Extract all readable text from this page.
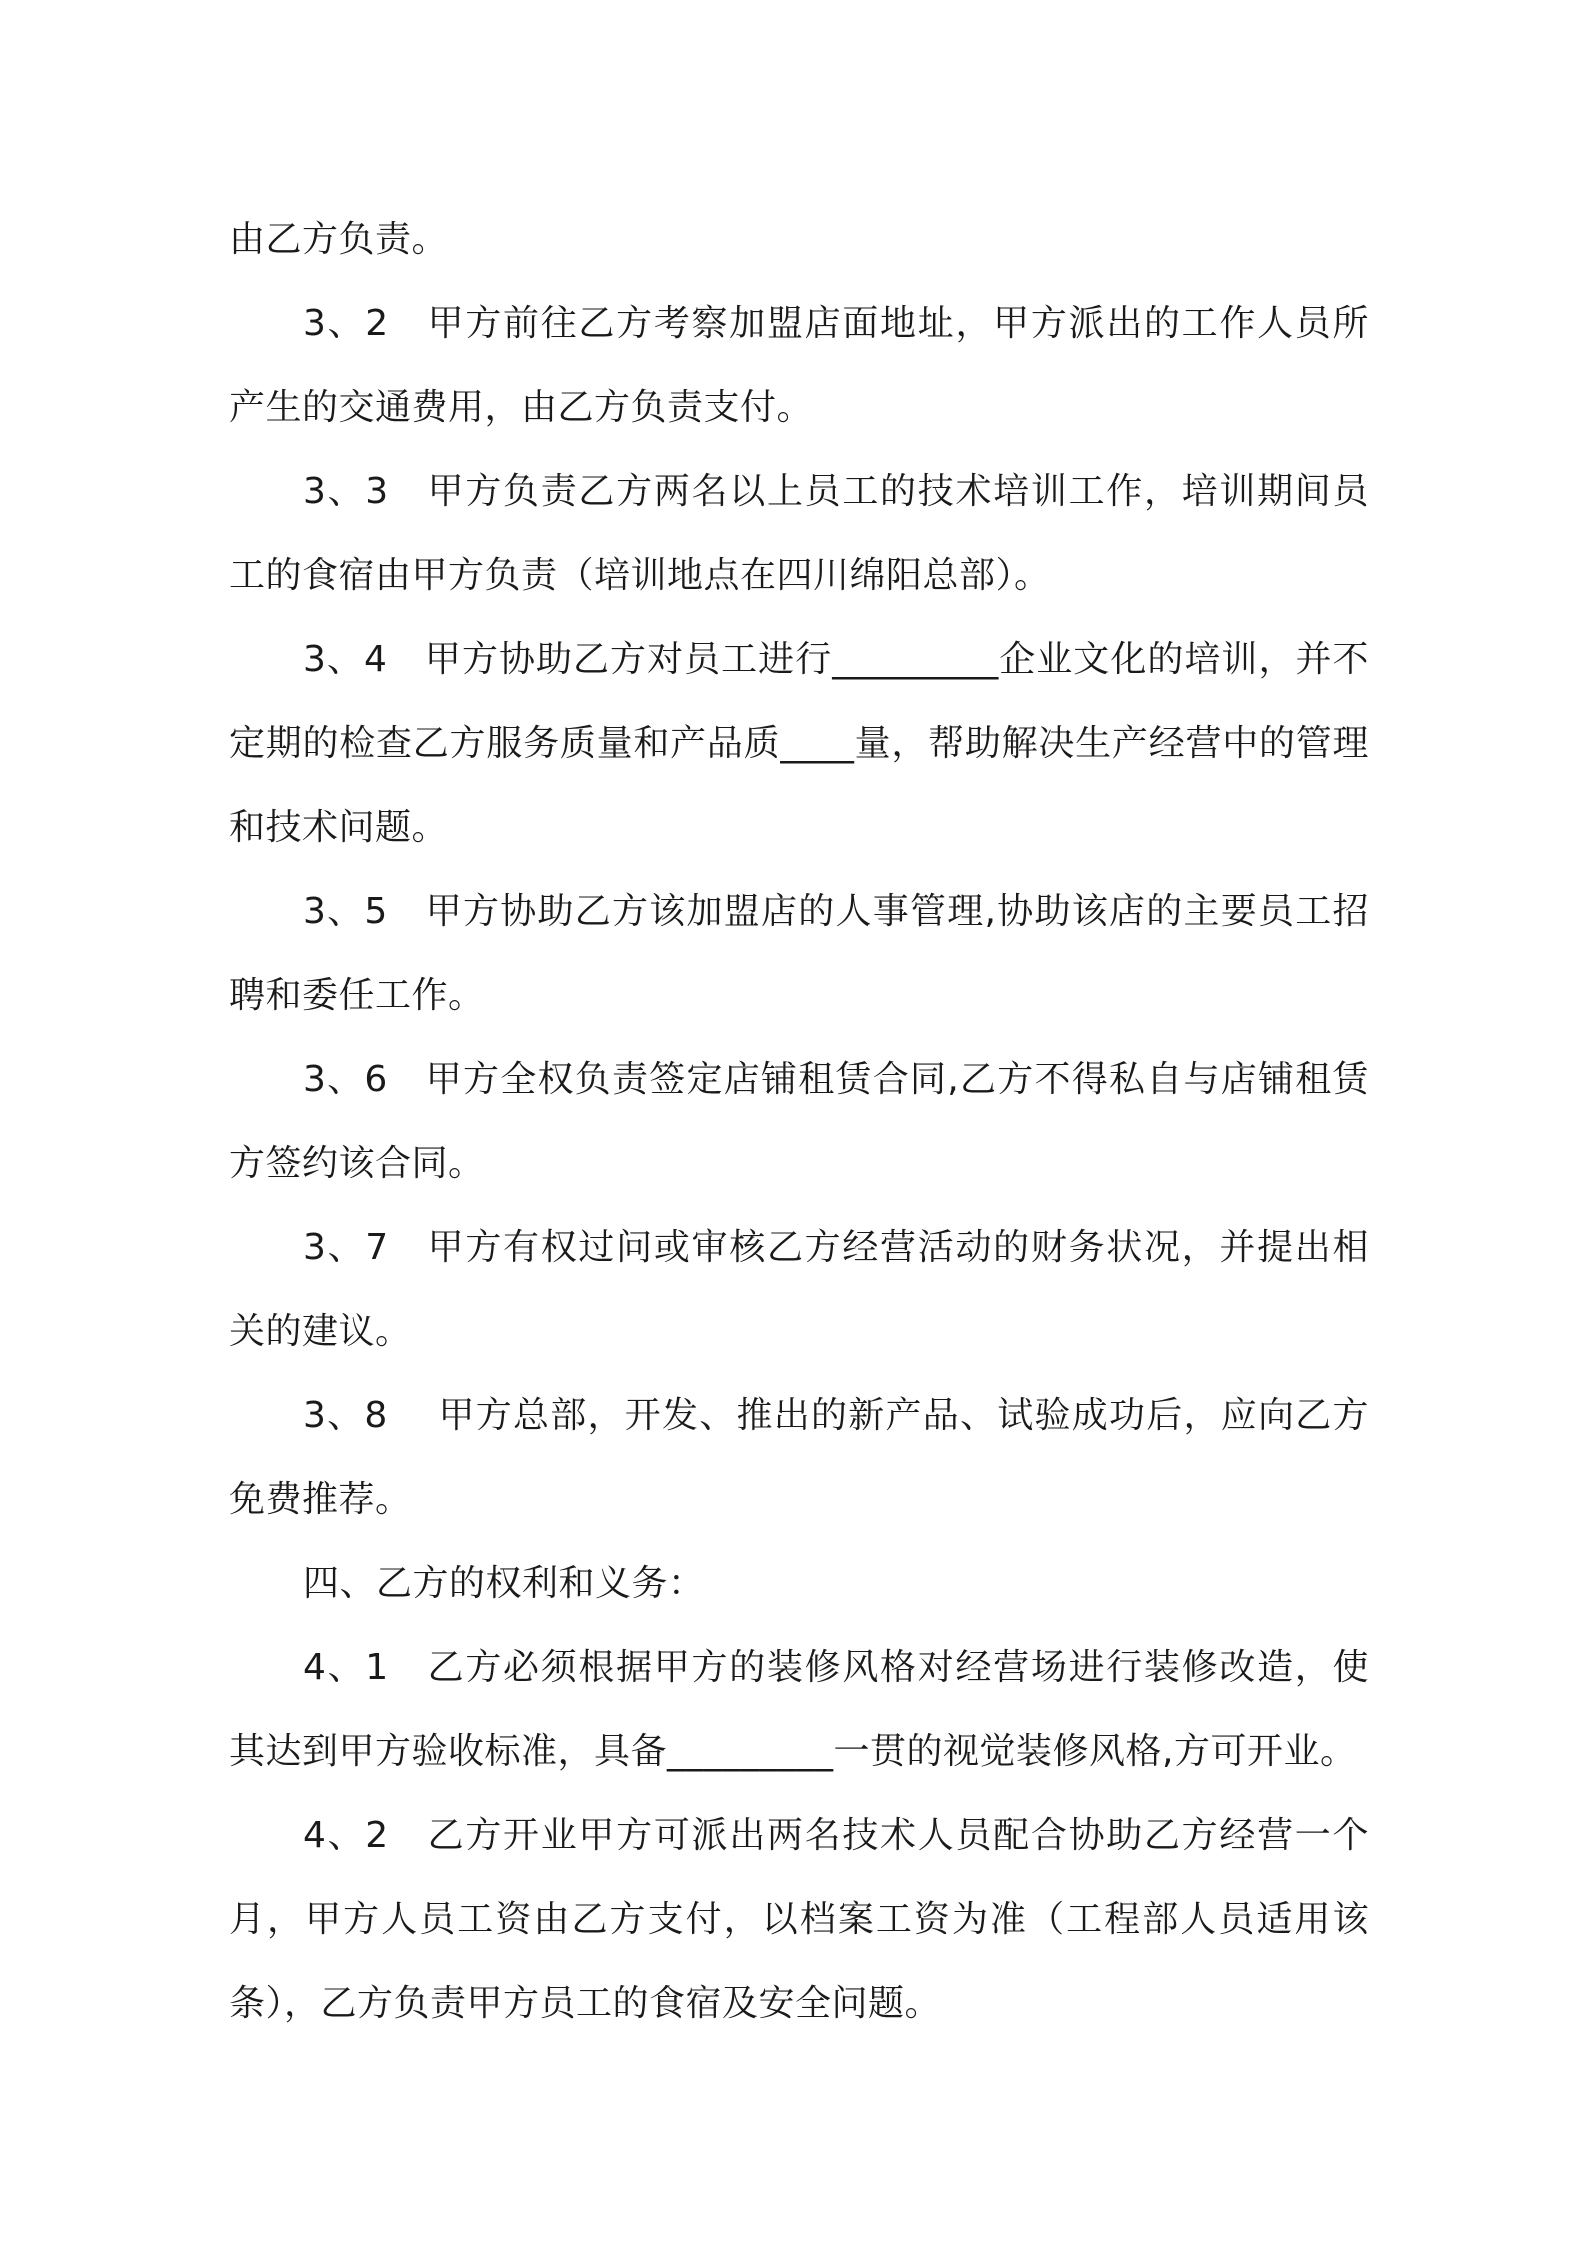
由乙方负责。

3、2　甲方前往乙方考察加盟店面地址，甲方派出的工作人员所产生的交通费用，由乙方负责支付。

3、3　甲方负责乙方两名以上员工的技术培训工作，培训期间员工的食宿由甲方负责（培训地点在四川绵阳总部）。

3、4　甲方协助乙方对员工进行_________企业文化的培训，并不定期的检查乙方服务质量和产品质____量，帮助解决生产经营中的管理和技术问题。

3、5　甲方协助乙方该加盟店的人事管理,协助该店的主要员工招聘和委任工作。

3、6　甲方全权负责签定店铺租赁合同,乙方不得私自与店铺租赁方签约该合同。

3、7　甲方有权过问或审核乙方经营活动的财务状况，并提出相关的建议。

3、8　 甲方总部，开发、推出的新产品、试验成功后，应向乙方免费推荐。

四、乙方的权利和义务：

4、1　乙方必须根据甲方的装修风格对经营场进行装修改造，使其达到甲方验收标准，具备_________一贯的视觉装修风格,方可开业。

4、2　乙方开业甲方可派出两名技术人员配合协助乙方经营一个月，甲方人员工资由乙方支付，以档案工资为准（工程部人员适用该条），乙方负责甲方员工的食宿及安全问题。
